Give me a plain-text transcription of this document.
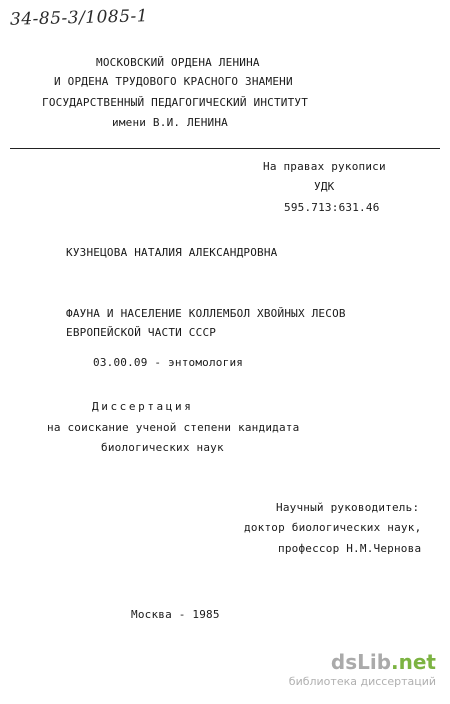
34-85-3/1085-1
МОСКОВСКИЙ ОРДЕНА ЛЕНИНА
И ОРДЕНА ТРУДОВОГО КРАСНОГО ЗНАМЕНИ
ГОСУДАРСТВЕННЫЙ ПЕДАГОГИЧЕСКИЙ ИНСТИТУТ
имени В.И. ЛЕНИНА
На правах рукописи
УДК
595.713:631.46
КУЗНЕЦОВА НАТАЛИЯ АЛЕКСАНДРОВНА
ФАУНА И НАСЕЛЕНИЕ КОЛЛЕМБОЛ ХВОЙНЫХ ЛЕСОВ
ЕВРОПЕЙСКОЙ ЧАСТИ СССР
03.00.09 - энтомология
Диссертация
на соискание ученой степени кандидата
биологических наук
Научный руководитель:
доктор биологических наук,
профессор Н.М.Чернова
Москва - 1985
dsLib.net
библиотека диссертаций
